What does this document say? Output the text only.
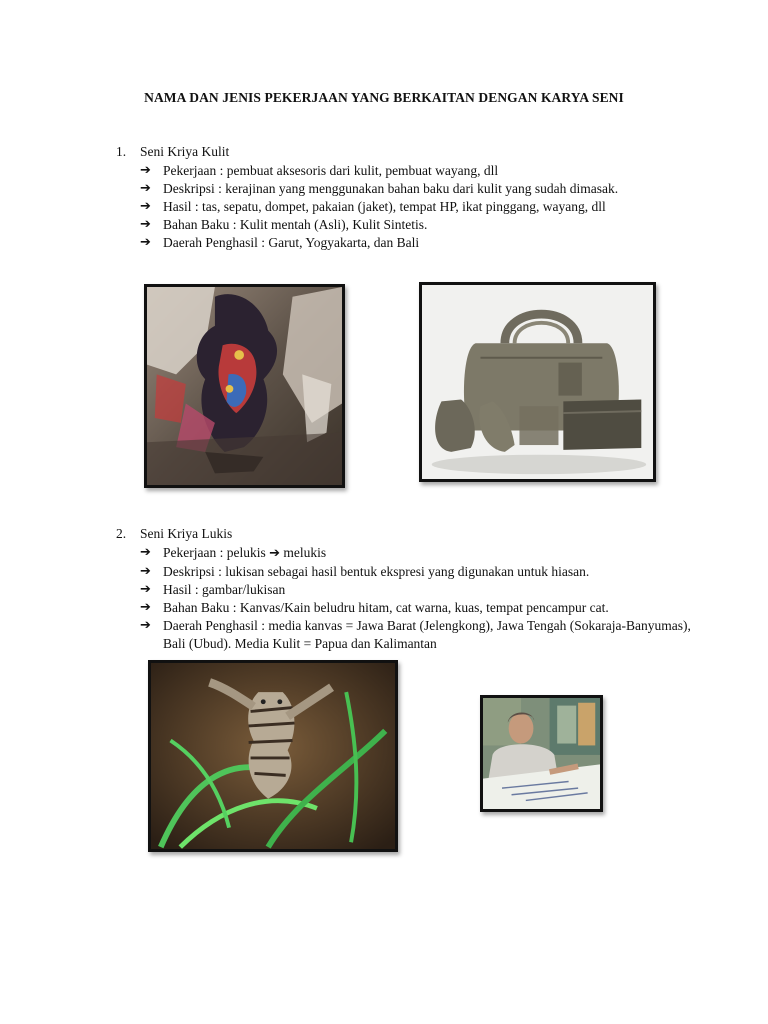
NAMA DAN JENIS PEKERJAAN YANG BERKAITAN DENGAN KARYA SENI
1. Seni Kriya Kulit
➔ Pekerjaan : pembuat aksesoris dari kulit, pembuat wayang, dll
➔ Deskripsi : kerajinan yang menggunakan bahan baku dari kulit yang sudah dimasak.
➔ Hasil : tas, sepatu, dompet, pakaian (jaket), tempat HP, ikat pinggang, wayang, dll
➔ Bahan Baku : Kulit mentah (Asli), Kulit Sintetis.
➔ Daerah Penghasil : Garut, Yogyakarta, dan Bali
2. Seni Kriya Lukis
➔ Pekerjaan : pelukis ➔ melukis
➔ Deskripsi : lukisan sebagai hasil bentuk ekspresi yang digunakan untuk hiasan.
➔ Hasil : gambar/lukisan
➔ Bahan Baku : Kanvas/Kain beludru hitam, cat warna, kuas, tempat pencampur cat.
➔ Daerah Penghasil : media kanvas = Jawa Barat (Jelengkong), Jawa Tengah (Sokaraja-Banyumas), Bali (Ubud). Media Kulit = Papua dan Kalimantan
